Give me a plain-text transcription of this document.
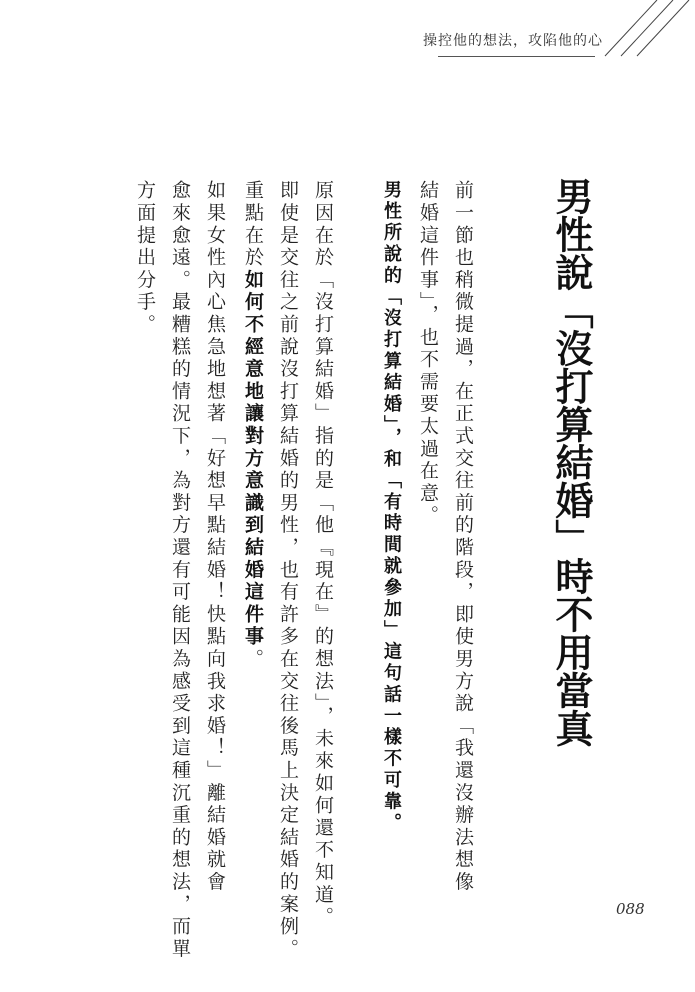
操控他的想法，攻陷他的心
男性說「沒打算結婚」時不用當真
前一節也稍微提過，在正式交往前的階段，即使男方說「我還沒辦法想像
結婚這件事」，也不需要太過在意。
男性所說的「沒打算結婚」，和「有時間就參加」這句話一樣不可靠。
原因在於「沒打算結婚」指的是「他『現在』的想法」，未來如何還不知道。
即使是交往之前說沒打算結婚的男性，也有許多在交往後馬上決定結婚的案例。
重點在於如何不經意地讓對方意識到結婚這件事。
如果女性內心焦急地想著「好想早點結婚！快點向我求婚！」離結婚就會
愈來愈遠。最糟糕的情況下，為對方還有可能因為感受到這種沉重的想法，而單
方面提出分手。
088
